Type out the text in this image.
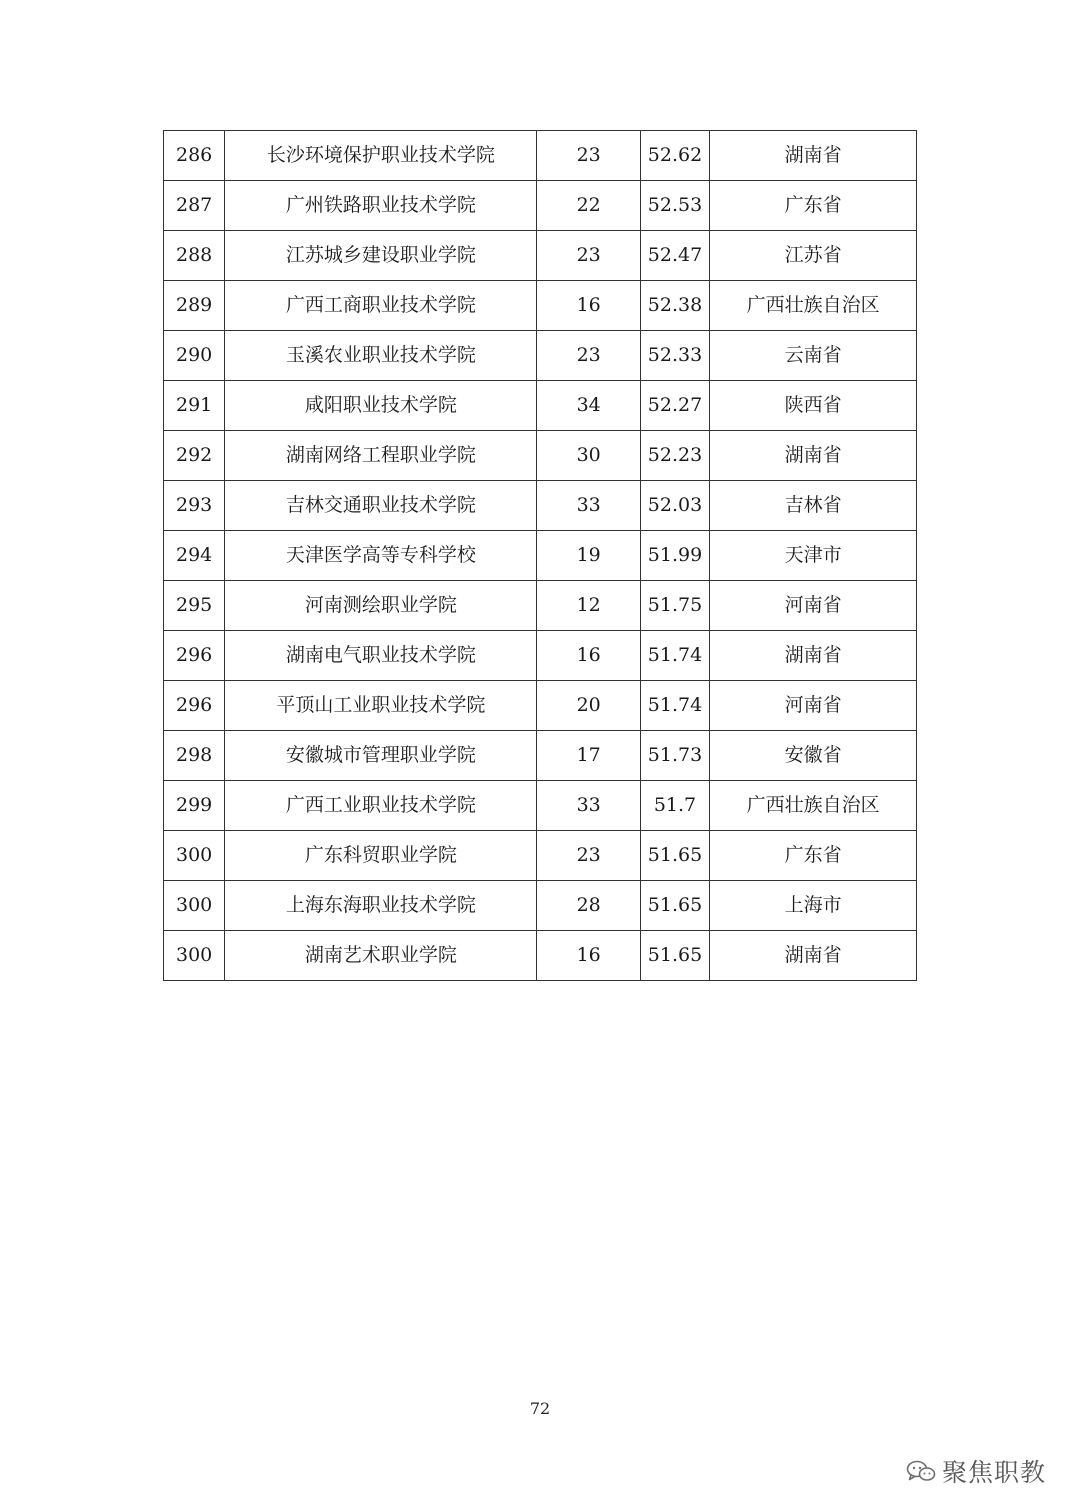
286	长沙环境保护职业技术学院	23	52.62	湖南省
287	广州铁路职业技术学院	22	52.53	广东省
288	江苏城乡建设职业学院	23	52.47	江苏省
289	广西工商职业技术学院	16	52.38	广西壮族自治区
290	玉溪农业职业技术学院	23	52.33	云南省
291	咸阳职业技术学院	34	52.27	陕西省
292	湖南网络工程职业学院	30	52.23	湖南省
293	吉林交通职业技术学院	33	52.03	吉林省
294	天津医学高等专科学校	19	51.99	天津市
295	河南测绘职业学院	12	51.75	河南省
296	湖南电气职业技术学院	16	51.74	湖南省
296	平顶山工业职业技术学院	20	51.74	河南省
298	安徽城市管理职业学院	17	51.73	安徽省
299	广西工业职业技术学院	33	51.7	广西壮族自治区
300	广东科贸职业学院	23	51.65	广东省
300	上海东海职业技术学院	28	51.65	上海市
300	湖南艺术职业学院	16	51.65	湖南省
72
聚焦职教
